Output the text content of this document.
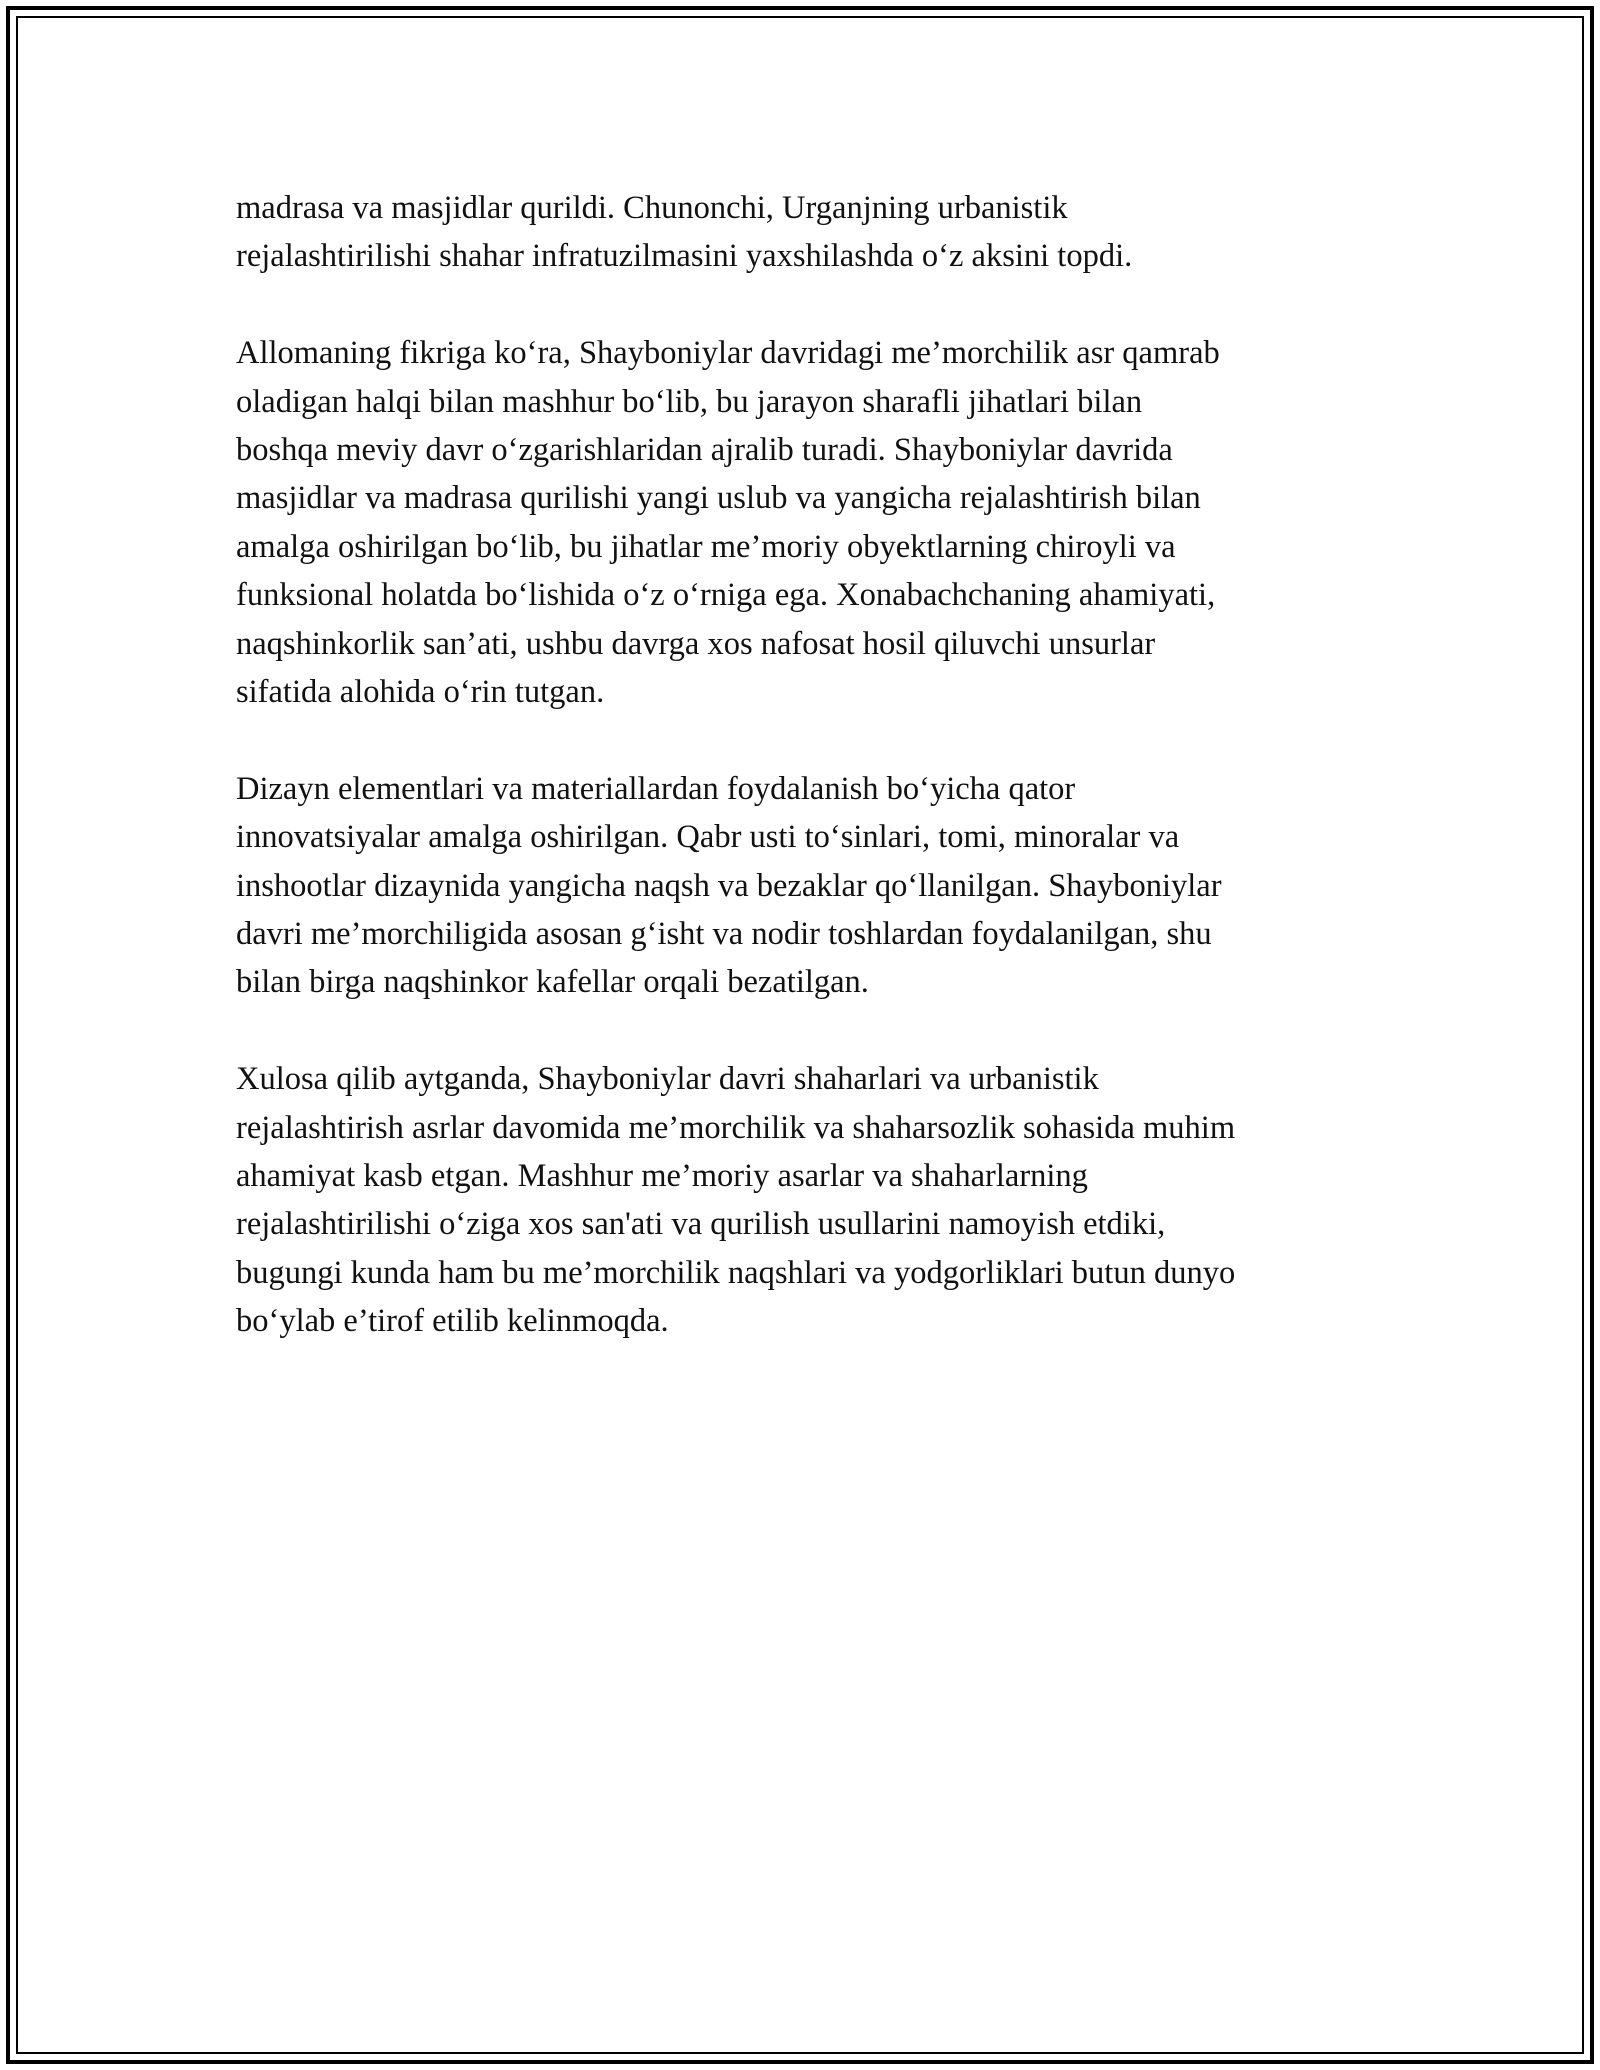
madrasa va masjidlar qurildi. Chunonchi, Urganjning urbanistik
rejalashtirilishi shahar infratuzilmasini yaxshilashda o‘z aksini topdi.

Allomaning fikriga ko‘ra, Shayboniylar davridagi me’morchilik asr qamrab
oladigan halqi bilan mashhur bo‘lib, bu jarayon sharafli jihatlari bilan
boshqa meviy davr o‘zgarishlaridan ajralib turadi. Shayboniylar davrida
masjidlar va madrasa qurilishi yangi uslub va yangicha rejalashtirish bilan
amalga oshirilgan bo‘lib, bu jihatlar me’moriy obyektlarning chiroyli va
funksional holatda bo‘lishida o‘z o‘rniga ega. Xonabachchaning ahamiyati,
naqshinkorlik san’ati, ushbu davrga xos nafosat hosil qiluvchi unsurlar
sifatida alohida o‘rin tutgan.

Dizayn elementlari va materiallardan foydalanish bo‘yicha qator
innovatsiyalar amalga oshirilgan. Qabr usti to‘sinlari, tomi, minoralar va
inshootlar dizaynida yangicha naqsh va bezaklar qo‘llanilgan. Shayboniylar
davri me’morchiligida asosan g‘isht va nodir toshlardan foydalanilgan, shu
bilan birga naqshinkor kafellar orqali bezatilgan.

Xulosa qilib aytganda, Shayboniylar davri shaharlari va urbanistik
rejalashtirish asrlar davomida me’morchilik va shaharsozlik sohasida muhim
ahamiyat kasb etgan. Mashhur me’moriy asarlar va shaharlarning
rejalashtirilishi o‘ziga xos san'ati va qurilish usullarini namoyish etdiki,
bugungi kunda ham bu me’morchilik naqshlari va yodgorliklari butun dunyo
bo‘ylab e’tirof etilib kelinmoqda.
